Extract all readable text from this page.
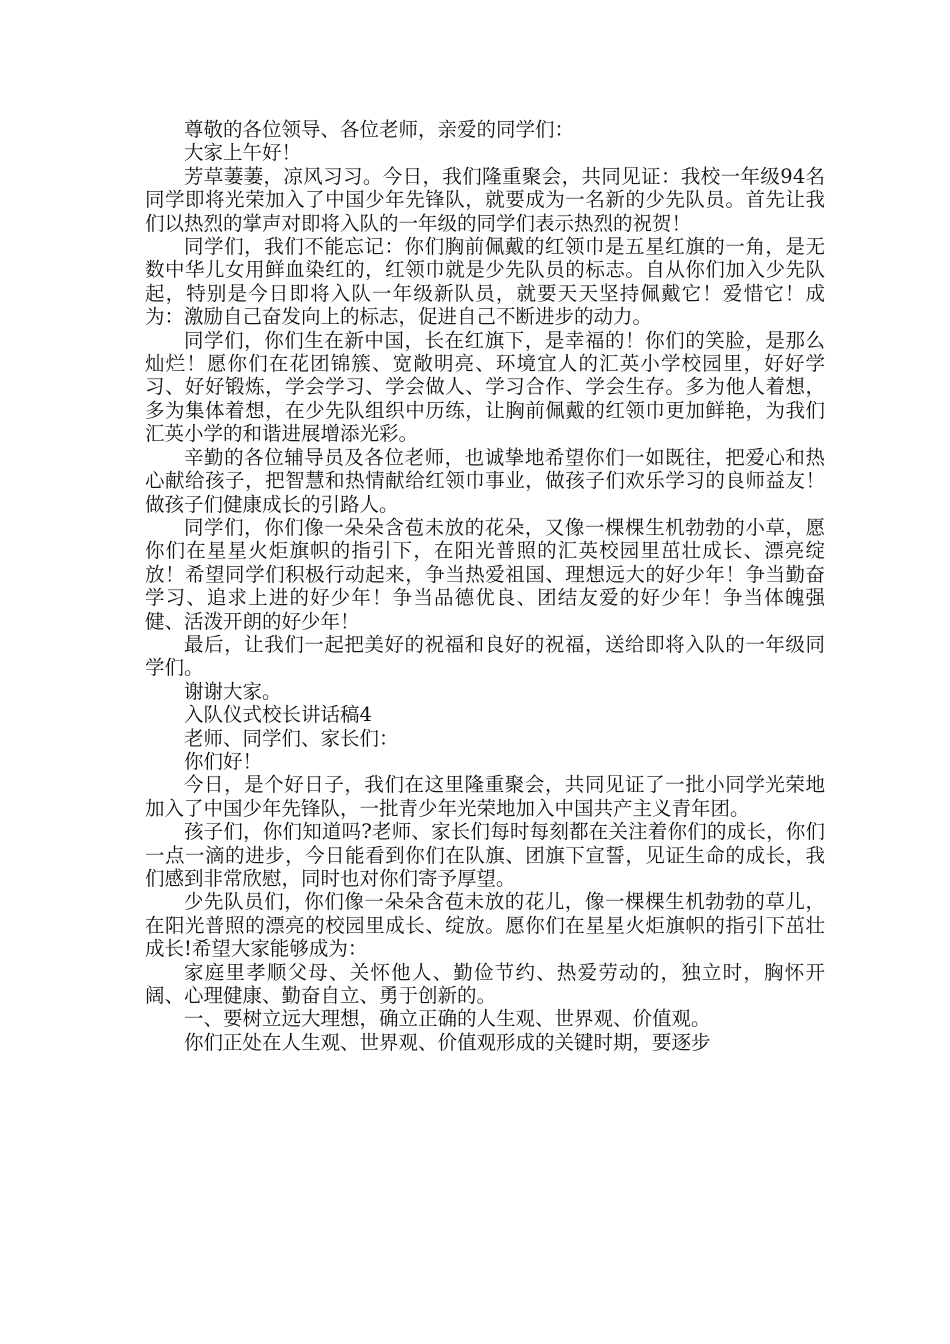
尊敬的各位领导、各位老师，亲爱的同学们：

大家上午好！

芳草萋萋，凉风习习。今日，我们隆重聚会，共同见证：我校一年级94名同学即将光荣加入了中国少年先锋队，就要成为一名新的少先队员。首先让我们以热烈的掌声对即将入队的一年级的同学们表示热烈的祝贺！

同学们，我们不能忘记：你们胸前佩戴的红领巾是五星红旗的一角，是无数中华儿女用鲜血染红的，红领巾就是少先队员的标志。自从你们加入少先队起，特别是今日即将入队一年级新队员，就要天天坚持佩戴它！爱惜它！成为：激励自己奋发向上的标志，促进自己不断进步的动力。

同学们，你们生在新中国，长在红旗下，是幸福的！你们的笑脸，是那么灿烂！愿你们在花团锦簇、宽敞明亮、环境宜人的汇英小学校园里，好好学习、好好锻炼，学会学习、学会做人、学习合作、学会生存。多为他人着想，多为集体着想，在少先队组织中历练，让胸前佩戴的红领巾更加鲜艳，为我们汇英小学的和谐进展增添光彩。

辛勤的各位辅导员及各位老师，也诚挚地希望你们一如既往，把爱心和热心献给孩子，把智慧和热情献给红领巾事业，做孩子们欢乐学习的良师益友！做孩子们健康成长的引路人。

同学们，你们像一朵朵含苞未放的花朵，又像一棵棵生机勃勃的小草，愿你们在星星火炬旗帜的指引下，在阳光普照的汇英校园里茁壮成长、漂亮绽放！希望同学们积极行动起来，争当热爱祖国、理想远大的好少年！争当勤奋学习、追求上进的好少年！争当品德优良、团结友爱的好少年！争当体魄强健、活泼开朗的好少年！

最后，让我们一起把美好的祝福和良好的祝福，送给即将入队的一年级同学们。

谢谢大家。

入队仪式校长讲话稿4

老师、同学们、家长们：

你们好！

今日，是个好日子，我们在这里隆重聚会，共同见证了一批小同学光荣地加入了中国少年先锋队，一批青少年光荣地加入中国共产主义青年团。

孩子们，你们知道吗?老师、家长们每时每刻都在关注着你们的成长，你们一点一滴的进步，今日能看到你们在队旗、团旗下宣誓，见证生命的成长，我们感到非常欣慰，同时也对你们寄予厚望。

少先队员们，你们像一朵朵含苞未放的花儿，像一棵棵生机勃勃的草儿，在阳光普照的漂亮的校园里成长、绽放。愿你们在星星火炬旗帜的指引下茁壮成长!希望大家能够成为：

家庭里孝顺父母、关怀他人、勤俭节约、热爱劳动的，独立时，胸怀开阔、心理健康、勤奋自立、勇于创新的。

一、要树立远大理想，确立正确的人生观、世界观、价值观。

你们正处在人生观、世界观、价值观形成的关键时期，要逐步
